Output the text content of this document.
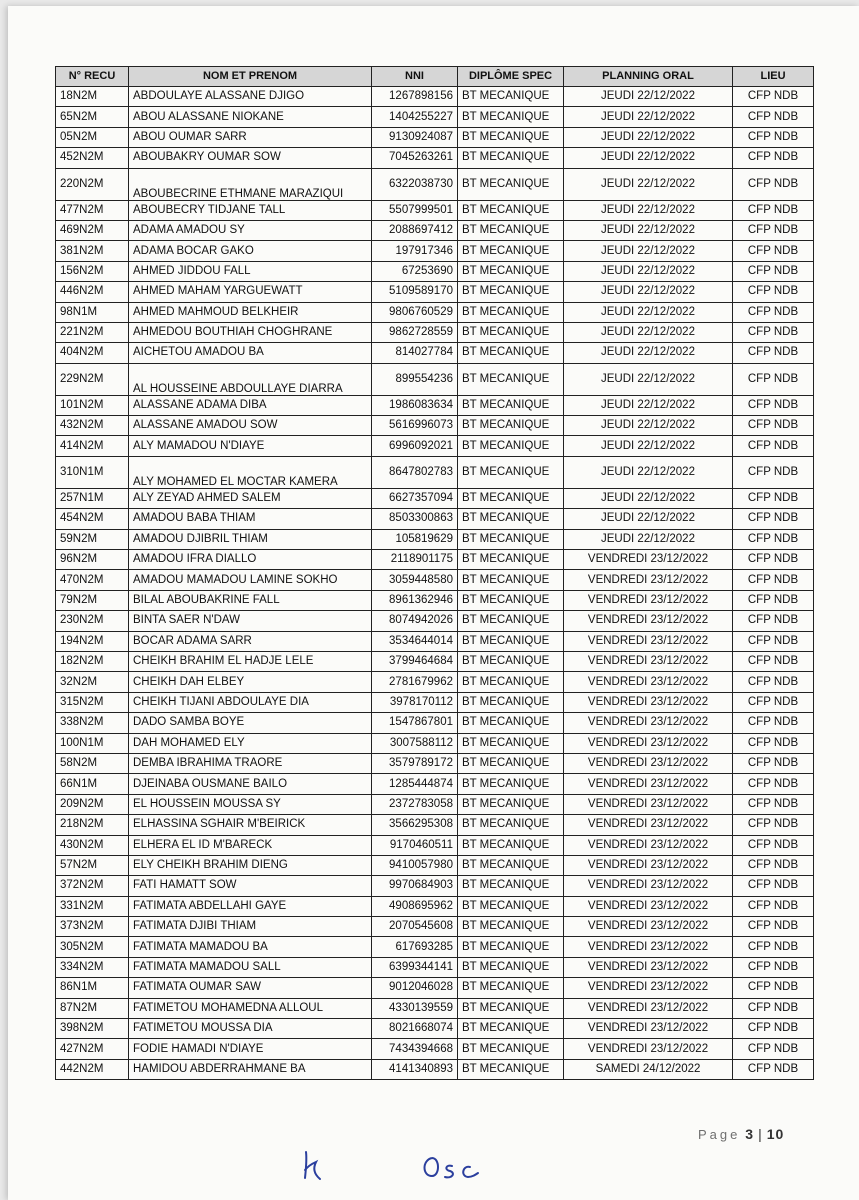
N° RECU	NOM ET PRENOM	NNI	DIPLÔME SPEC	PLANNING ORAL	LIEU
18N2M	ABDOULAYE ALASSANE DJIGO	1267898156	BT MECANIQUE	JEUDI 22/12/2022	CFP NDB
65N2M	ABOU ALASSANE NIOKANE	1404255227	BT MECANIQUE	JEUDI 22/12/2022	CFP NDB
05N2M	ABOU OUMAR SARR	9130924087	BT MECANIQUE	JEUDI 22/12/2022	CFP NDB
452N2M	ABOUBAKRY OUMAR SOW	7045263261	BT MECANIQUE	JEUDI 22/12/2022	CFP NDB
220N2M	ABOUBECRINE ETHMANE MARAZIQUI	6322038730	BT MECANIQUE	JEUDI 22/12/2022	CFP NDB
477N2M	ABOUBECRY TIDJANE TALL	5507999501	BT MECANIQUE	JEUDI 22/12/2022	CFP NDB
469N2M	ADAMA AMADOU SY	2088697412	BT MECANIQUE	JEUDI 22/12/2022	CFP NDB
381N2M	ADAMA BOCAR GAKO	197917346	BT MECANIQUE	JEUDI 22/12/2022	CFP NDB
156N2M	AHMED JIDDOU FALL	67253690	BT MECANIQUE	JEUDI 22/12/2022	CFP NDB
446N2M	AHMED MAHAM YARGUEWATT	5109589170	BT MECANIQUE	JEUDI 22/12/2022	CFP NDB
98N1M	AHMED MAHMOUD BELKHEIR	9806760529	BT MECANIQUE	JEUDI 22/12/2022	CFP NDB
221N2M	AHMEDOU BOUTHIAH CHOGHRANE	9862728559	BT MECANIQUE	JEUDI 22/12/2022	CFP NDB
404N2M	AICHETOU AMADOU BA	814027784	BT MECANIQUE	JEUDI 22/12/2022	CFP NDB
229N2M	AL HOUSSEINE ABDOULLAYE DIARRA	899554236	BT MECANIQUE	JEUDI 22/12/2022	CFP NDB
101N2M	ALASSANE ADAMA DIBA	1986083634	BT MECANIQUE	JEUDI 22/12/2022	CFP NDB
432N2M	ALASSANE AMADOU SOW	5616996073	BT MECANIQUE	JEUDI 22/12/2022	CFP NDB
414N2M	ALY MAMADOU N'DIAYE	6996092021	BT MECANIQUE	JEUDI 22/12/2022	CFP NDB
310N1M	ALY MOHAMED EL MOCTAR KAMERA	8647802783	BT MECANIQUE	JEUDI 22/12/2022	CFP NDB
257N1M	ALY ZEYAD AHMED SALEM	6627357094	BT MECANIQUE	JEUDI 22/12/2022	CFP NDB
454N2M	AMADOU BABA THIAM	8503300863	BT MECANIQUE	JEUDI 22/12/2022	CFP NDB
59N2M	AMADOU DJIBRIL THIAM	105819629	BT MECANIQUE	JEUDI 22/12/2022	CFP NDB
96N2M	AMADOU IFRA DIALLO	2118901175	BT MECANIQUE	VENDREDI 23/12/2022	CFP NDB
470N2M	AMADOU MAMADOU LAMINE SOKHO	3059448580	BT MECANIQUE	VENDREDI 23/12/2022	CFP NDB
79N2M	BILAL ABOUBAKRINE FALL	8961362946	BT MECANIQUE	VENDREDI 23/12/2022	CFP NDB
230N2M	BINTA SAER N'DAW	8074942026	BT MECANIQUE	VENDREDI 23/12/2022	CFP NDB
194N2M	BOCAR ADAMA SARR	3534644014	BT MECANIQUE	VENDREDI 23/12/2022	CFP NDB
182N2M	CHEIKH BRAHIM EL HADJE LELE	3799464684	BT MECANIQUE	VENDREDI 23/12/2022	CFP NDB
32N2M	CHEIKH DAH ELBEY	2781679962	BT MECANIQUE	VENDREDI 23/12/2022	CFP NDB
315N2M	CHEIKH TIJANI ABDOULAYE DIA	3978170112	BT MECANIQUE	VENDREDI 23/12/2022	CFP NDB
338N2M	DADO SAMBA BOYE	1547867801	BT MECANIQUE	VENDREDI 23/12/2022	CFP NDB
100N1M	DAH MOHAMED ELY	3007588112	BT MECANIQUE	VENDREDI 23/12/2022	CFP NDB
58N2M	DEMBA IBRAHIMA TRAORE	3579789172	BT MECANIQUE	VENDREDI 23/12/2022	CFP NDB
66N1M	DJEINABA OUSMANE BAILO	1285444874	BT MECANIQUE	VENDREDI 23/12/2022	CFP NDB
209N2M	EL HOUSSEIN MOUSSA SY	2372783058	BT MECANIQUE	VENDREDI 23/12/2022	CFP NDB
218N2M	ELHASSINA SGHAIR M'BEIRICK	3566295308	BT MECANIQUE	VENDREDI 23/12/2022	CFP NDB
430N2M	ELHERA EL ID M'BARECK	9170460511	BT MECANIQUE	VENDREDI 23/12/2022	CFP NDB
57N2M	ELY CHEIKH BRAHIM DIENG	9410057980	BT MECANIQUE	VENDREDI 23/12/2022	CFP NDB
372N2M	FATI HAMATT SOW	9970684903	BT MECANIQUE	VENDREDI 23/12/2022	CFP NDB
331N2M	FATIMATA ABDELLAHI GAYE	4908695962	BT MECANIQUE	VENDREDI 23/12/2022	CFP NDB
373N2M	FATIMATA DJIBI THIAM	2070545608	BT MECANIQUE	VENDREDI 23/12/2022	CFP NDB
305N2M	FATIMATA MAMADOU BA	617693285	BT MECANIQUE	VENDREDI 23/12/2022	CFP NDB
334N2M	FATIMATA MAMADOU SALL	6399344141	BT MECANIQUE	VENDREDI 23/12/2022	CFP NDB
86N1M	FATIMATA OUMAR SAW	9012046028	BT MECANIQUE	VENDREDI 23/12/2022	CFP NDB
87N2M	FATIMETOU MOHAMEDNA ALLOUL	4330139559	BT MECANIQUE	VENDREDI 23/12/2022	CFP NDB
398N2M	FATIMETOU MOUSSA DIA	8021668074	BT MECANIQUE	VENDREDI 23/12/2022	CFP NDB
427N2M	FODIE HAMADI N'DIAYE	7434394668	BT MECANIQUE	VENDREDI 23/12/2022	CFP NDB
442N2M	HAMIDOU ABDERRAHMANE BA	4141340893	BT MECANIQUE	SAMEDI 24/12/2022	CFP NDB
Page 3 | 10
